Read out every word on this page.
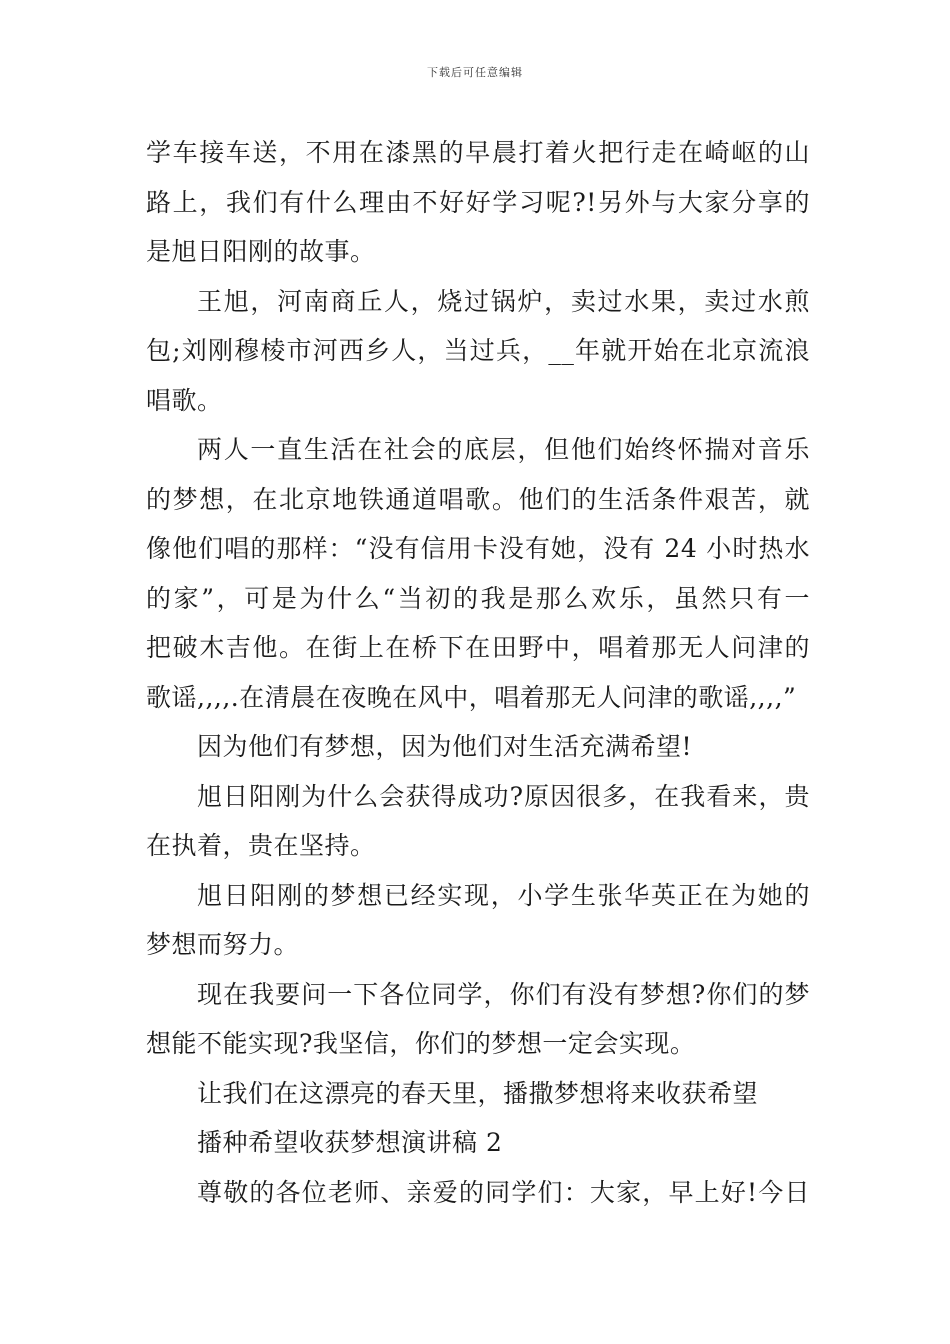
下载后可任意编辑
学车接车送，不用在漆黑的早晨打着火把行走在崎岖的山
路上，我们有什么理由不好好学习呢?!另外与大家分享的
是旭日阳刚的故事。
王旭，河南商丘人，烧过锅炉，卖过水果，卖过水煎
包;刘刚穆棱市河西乡人，当过兵，__年就开始在北京流浪
唱歌。
两人一直生活在社会的底层，但他们始终怀揣对音乐
的梦想，在北京地铁通道唱歌。他们的生活条件艰苦，就
像他们唱的那样：“没有信用卡没有她，没有 24 小时热水
的家”，可是为什么“当初的我是那么欢乐，虽然只有一
把破木吉他。在街上在桥下在田野中，唱着那无人问津的
歌谣,,,,.在清晨在夜晚在风中，唱着那无人问津的歌谣,,,,”
因为他们有梦想，因为他们对生活充满希望!
旭日阳刚为什么会获得成功?原因很多，在我看来，贵
在执着，贵在坚持。
旭日阳刚的梦想已经实现，小学生张华英正在为她的
梦想而努力。
现在我要问一下各位同学，你们有没有梦想?你们的梦
想能不能实现?我坚信，你们的梦想一定会实现。
让我们在这漂亮的春天里，播撒梦想将来收获希望
播种希望收获梦想演讲稿 2
尊敬的各位老师、亲爱的同学们：大家，早上好!今日
